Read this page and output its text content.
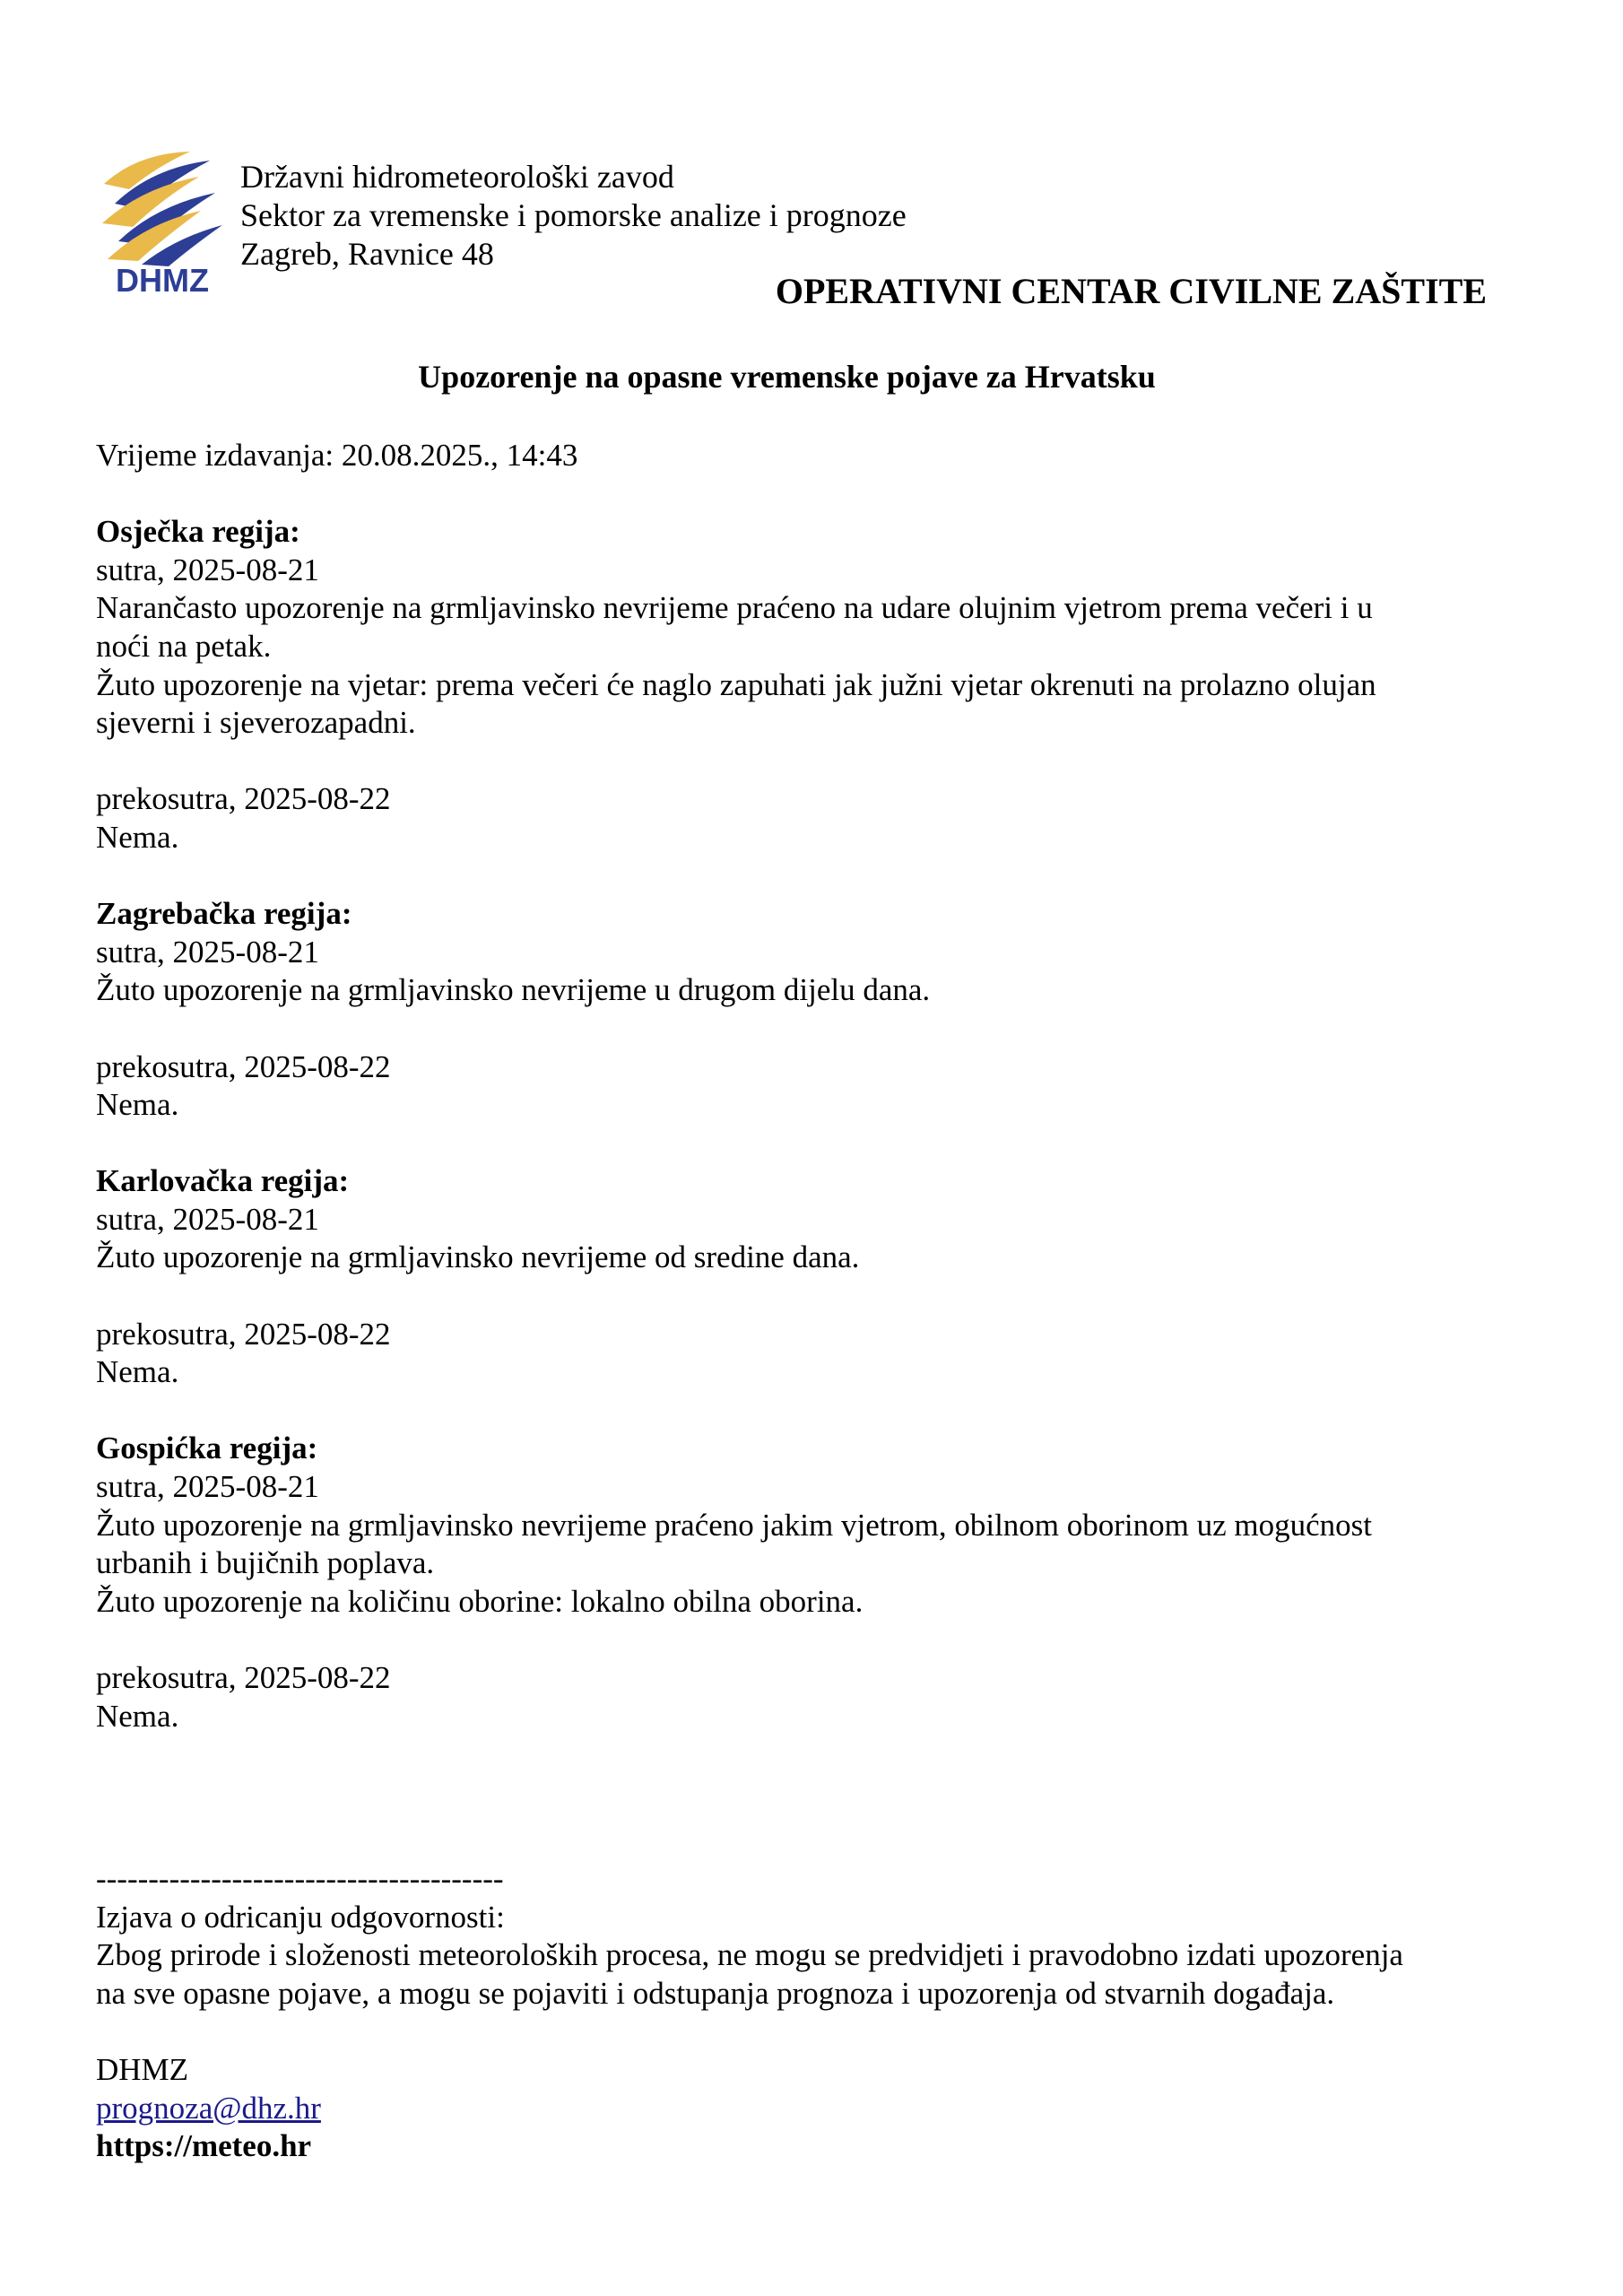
DHMZ
Državni hidrometeorološki zavod
Sektor za vremenske i pomorske analize i prognoze
Zagreb, Ravnice 48
OPERATIVNI CENTAR CIVILNE ZAŠTITE
Upozorenje na opasne vremenske pojave za Hrvatsku
Vrijeme izdavanja: 20.08.2025., 14:43
Osječka regija:
sutra, 2025-08-21
Narančasto upozorenje na grmljavinsko nevrijeme praćeno na udare olujnim vjetrom prema večeri i u
noći na petak.
Žuto upozorenje na vjetar: prema večeri će naglo zapuhati jak južni vjetar okrenuti na prolazno olujan
sjeverni i sjeverozapadni.
prekosutra, 2025-08-22
Nema.
Zagrebačka regija:
sutra, 2025-08-21
Žuto upozorenje na grmljavinsko nevrijeme u drugom dijelu dana.
prekosutra, 2025-08-22
Nema.
Karlovačka regija:
sutra, 2025-08-21
Žuto upozorenje na grmljavinsko nevrijeme od sredine dana.
prekosutra, 2025-08-22
Nema.
Gospićka regija:
sutra, 2025-08-21
Žuto upozorenje na grmljavinsko nevrijeme praćeno jakim vjetrom, obilnom oborinom uz mogućnost
urbanih i bujičnih poplava.
Žuto upozorenje na količinu oborine: lokalno obilna oborina.
prekosutra, 2025-08-22
Nema.
---------------------------------------
Izjava o odricanju odgovornosti:
Zbog prirode i složenosti meteoroloških procesa, ne mogu se predvidjeti i pravodobno izdati upozorenja
na sve opasne pojave, a mogu se pojaviti i odstupanja prognoza i upozorenja od stvarnih događaja.
DHMZ
prognoza@dhz.hr
https://meteo.hr
